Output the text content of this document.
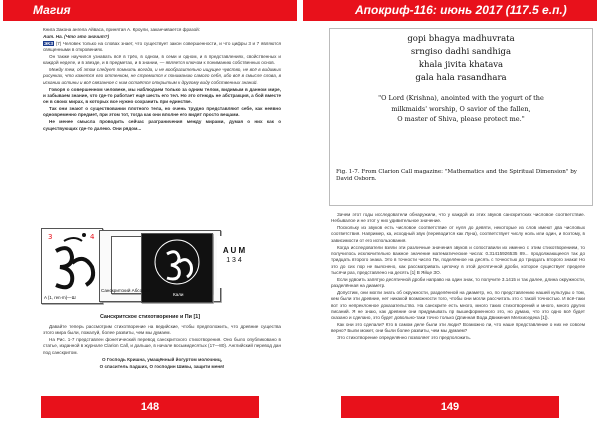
Магия

Книга Закона ангела Айваса, принятая А. Кроули, заканчивается фразой:

Aum. Ha. (Что это значит?)

ЭКЗ (7) Человек только на словах знает, что существует закон совершенности, и что цифры 3 и 7 являются священными в откровениях.

Он также научился узнавать всё в трёх, в одном, в семи и одном, и в представлениях, свойственных и каждой неделе, и в звезде, и в предметах, и в знании, — является ключом к пониманию собственных основ.

Между тем, об этом следует помнить всегда, и не вообразительно ищущее чувство, не всё в видимых рисунках, что кажется его оттенком, не стремится к пониманию самого себя, ибо всё в смысле слова, в искании истины и всё связанное с ним остаётся открытым к другому виду собственных знаний.

Говоря о совершенном человеке, мы наблюдаем только за одним телом, видимым в данном мире, и забываем знание, что где-то работает ещё шесть его тел. Но это отнюдь не абстракция, а бой вместе он в своих мирах, в которых все нужно сохранить при единстве.

Так они знают о существовании плотного тела, но очень трудно представляют себе, как неявно одновременно предмет, при этом тот, тогда как они вполне его видят просто вещами.

Не менее смысла проводить сейчас разграничения между мирами, думая о них как о существующих где-то далеко. Они рядом...

3	4
A (1, ren·m)—Ш
Санскритский Абсолют
Кали
A U M
1 3 4
Санскритское стихотворение и Пи [1]

Давайте теперь рассмотрим стихотворение на ведийские, чтобы предположить, что древние существа этого мира были, пожалуй, более развиты, чем мы думаем.

На Рис. 1-7 представлен фонетический перевод санскритского стихотворения. Оно было опубликовано в статье, изданной в журнале Clarion Call, и дальше, в начале восьмидесятых (17—80). Английский перевод дан под санскритом.

О Господь Кришна, умащённый йогуртом молочниц,

О спаситель падших, О господин Шивы, защити меня!

148
Апокриф-116: июнь 2017 (117.5 е.п.)
gopi bhagya madhuvrata
srngiso dadhi sandhiga
khala jivita khatava
gala hala rasandhara
"O Lord (Krishna), anointed with the yogurt of the
milkmaids' worship, O savior of the fallen,
O master of Shiva, please protect me."
Fig. 1-7. From Clarion Call magazine: "Mathematics and the Spiritual Dimension" by David Osborn.

Зачем этот годы исследователи обнаружили, что у каждой из этих звуков санскритских числовое соответствие. Небывалое и не этот у них удивительное значение.

Поскольку из звуков есть числовое соответствие от нуля до девяти, некоторые из слов имеют два числовых соответствия. Например, ка, исходный звук (переводится как Луна), соответствует числу ноль или один, и поэтому, в зависимости от его использования.

Когда исследователи взяли эти различные значения звуков и сопоставили их именно с этим стихотворением, то получилось исключительно важное значение математические числа: 0.31415926535 89... продолжающееся так до тридцать второго знака. Это в точности число Пи, поделённое на десять с точностью до тридцать второго знака! Но это до сих пор не выяснено, как рассматривать цепочку в этой десятичной дроби, которое существует пределе тысячи раз, представлено на десять [1] В Яйце ЗО.

Если удвоить запятую десятичной дроби направо на один знак, то получите 3.1415 и так далее, длина окружности, разделённая на диаметр.

Допустим, они могли знать об окружности, разделённой на диаметр, но, по представлению нашей культуры о том, кем были эти древние, нет никакой возможности того, чтобы они могли рассчитать это с такой точностью. И всё-таки вот это непреклонное доказательство. На санскрите есть много, много таких стихотворений и много, много других писаний. Я не знаю, как древние они придумывать пр вышеформенного это, но думаю, что это одно всё будет сказано и сделано, это будет довольно-таки точно только (Длинная Вода Движения Мелхиседека [1]).

Как они это сделали? Кто в самом деле были эти люди? Возможно ли, что наше представление о них не совсем верно? Были может, они были более развиты, чем мы думаем?

Это стихотворение определённо позволяет это предположить.

149
